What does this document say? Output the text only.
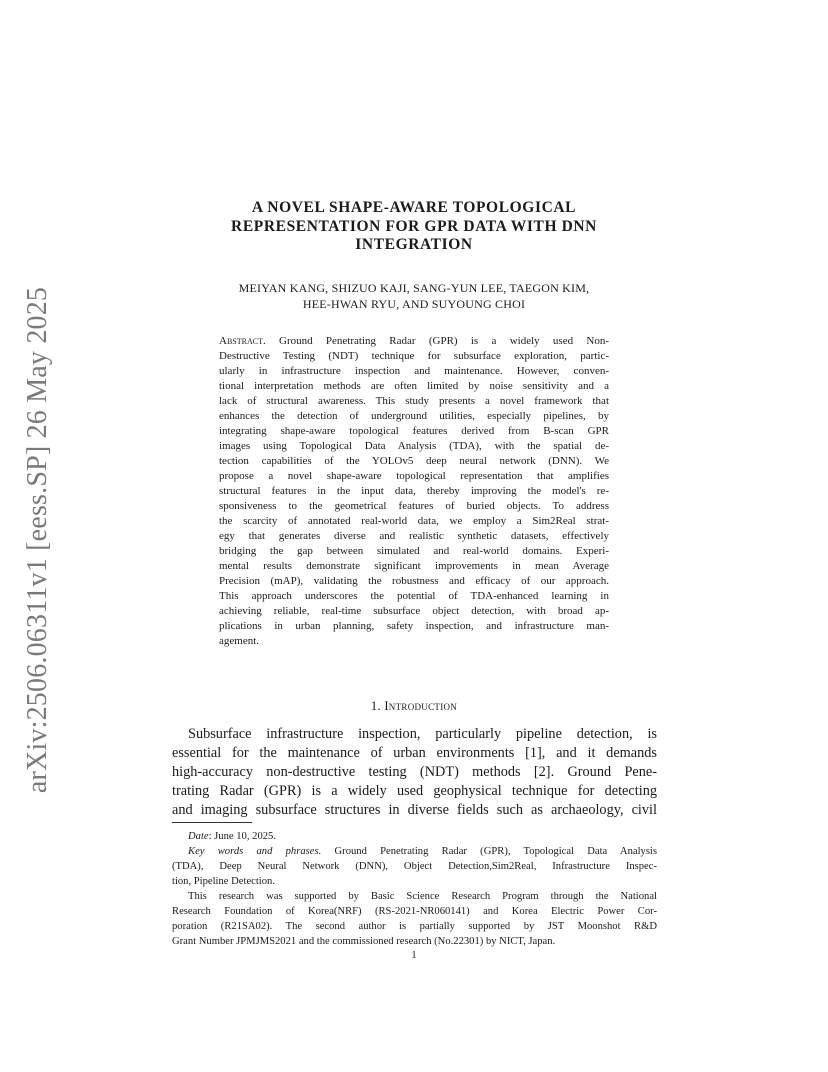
arXiv:2506.06311v1 [eess.SP] 26 May 2025
A NOVEL SHAPE-AWARE TOPOLOGICAL
REPRESENTATION FOR GPR DATA WITH DNN
INTEGRATION
MEIYAN KANG, SHIZUO KAJI, SANG-YUN LEE, TAEGON KIM,
HEE-HWAN RYU, AND SUYOUNG CHOI
Abstract. Ground Penetrating Radar (GPR) is a widely used Non-
Destructive Testing (NDT) technique for subsurface exploration, partic-
ularly in infrastructure inspection and maintenance. However, conven-
tional interpretation methods are often limited by noise sensitivity and a
lack of structural awareness. This study presents a novel framework that
enhances the detection of underground utilities, especially pipelines, by
integrating shape-aware topological features derived from B-scan GPR
images using Topological Data Analysis (TDA), with the spatial de-
tection capabilities of the YOLOv5 deep neural network (DNN). We
propose a novel shape-aware topological representation that amplifies
structural features in the input data, thereby improving the model's re-
sponsiveness to the geometrical features of buried objects. To address
the scarcity of annotated real-world data, we employ a Sim2Real strat-
egy that generates diverse and realistic synthetic datasets, effectively
bridging the gap between simulated and real-world domains. Experi-
mental results demonstrate significant improvements in mean Average
Precision (mAP), validating the robustness and efficacy of our approach.
This approach underscores the potential of TDA-enhanced learning in
achieving reliable, real-time subsurface object detection, with broad ap-
plications in urban planning, safety inspection, and infrastructure man-
agement.
1. Introduction
Subsurface infrastructure inspection, particularly pipeline detection, is
essential for the maintenance of urban environments [1], and it demands
high-accuracy non-destructive testing (NDT) methods [2]. Ground Pene-
trating Radar (GPR) is a widely used geophysical technique for detecting
and imaging subsurface structures in diverse fields such as archaeology, civil
Date: June 10, 2025.
Key words and phrases. Ground Penetrating Radar (GPR), Topological Data Analysis
(TDA), Deep Neural Network (DNN), Object Detection,Sim2Real, Infrastructure Inspec-
tion, Pipeline Detection.
This research was supported by Basic Science Research Program through the National
Research Foundation of Korea(NRF) (RS-2021-NR060141) and Korea Electric Power Cor-
poration (R21SA02). The second author is partially supported by JST Moonshot R&D
Grant Number JPMJMS2021 and the commissioned research (No.22301) by NICT, Japan.
1
